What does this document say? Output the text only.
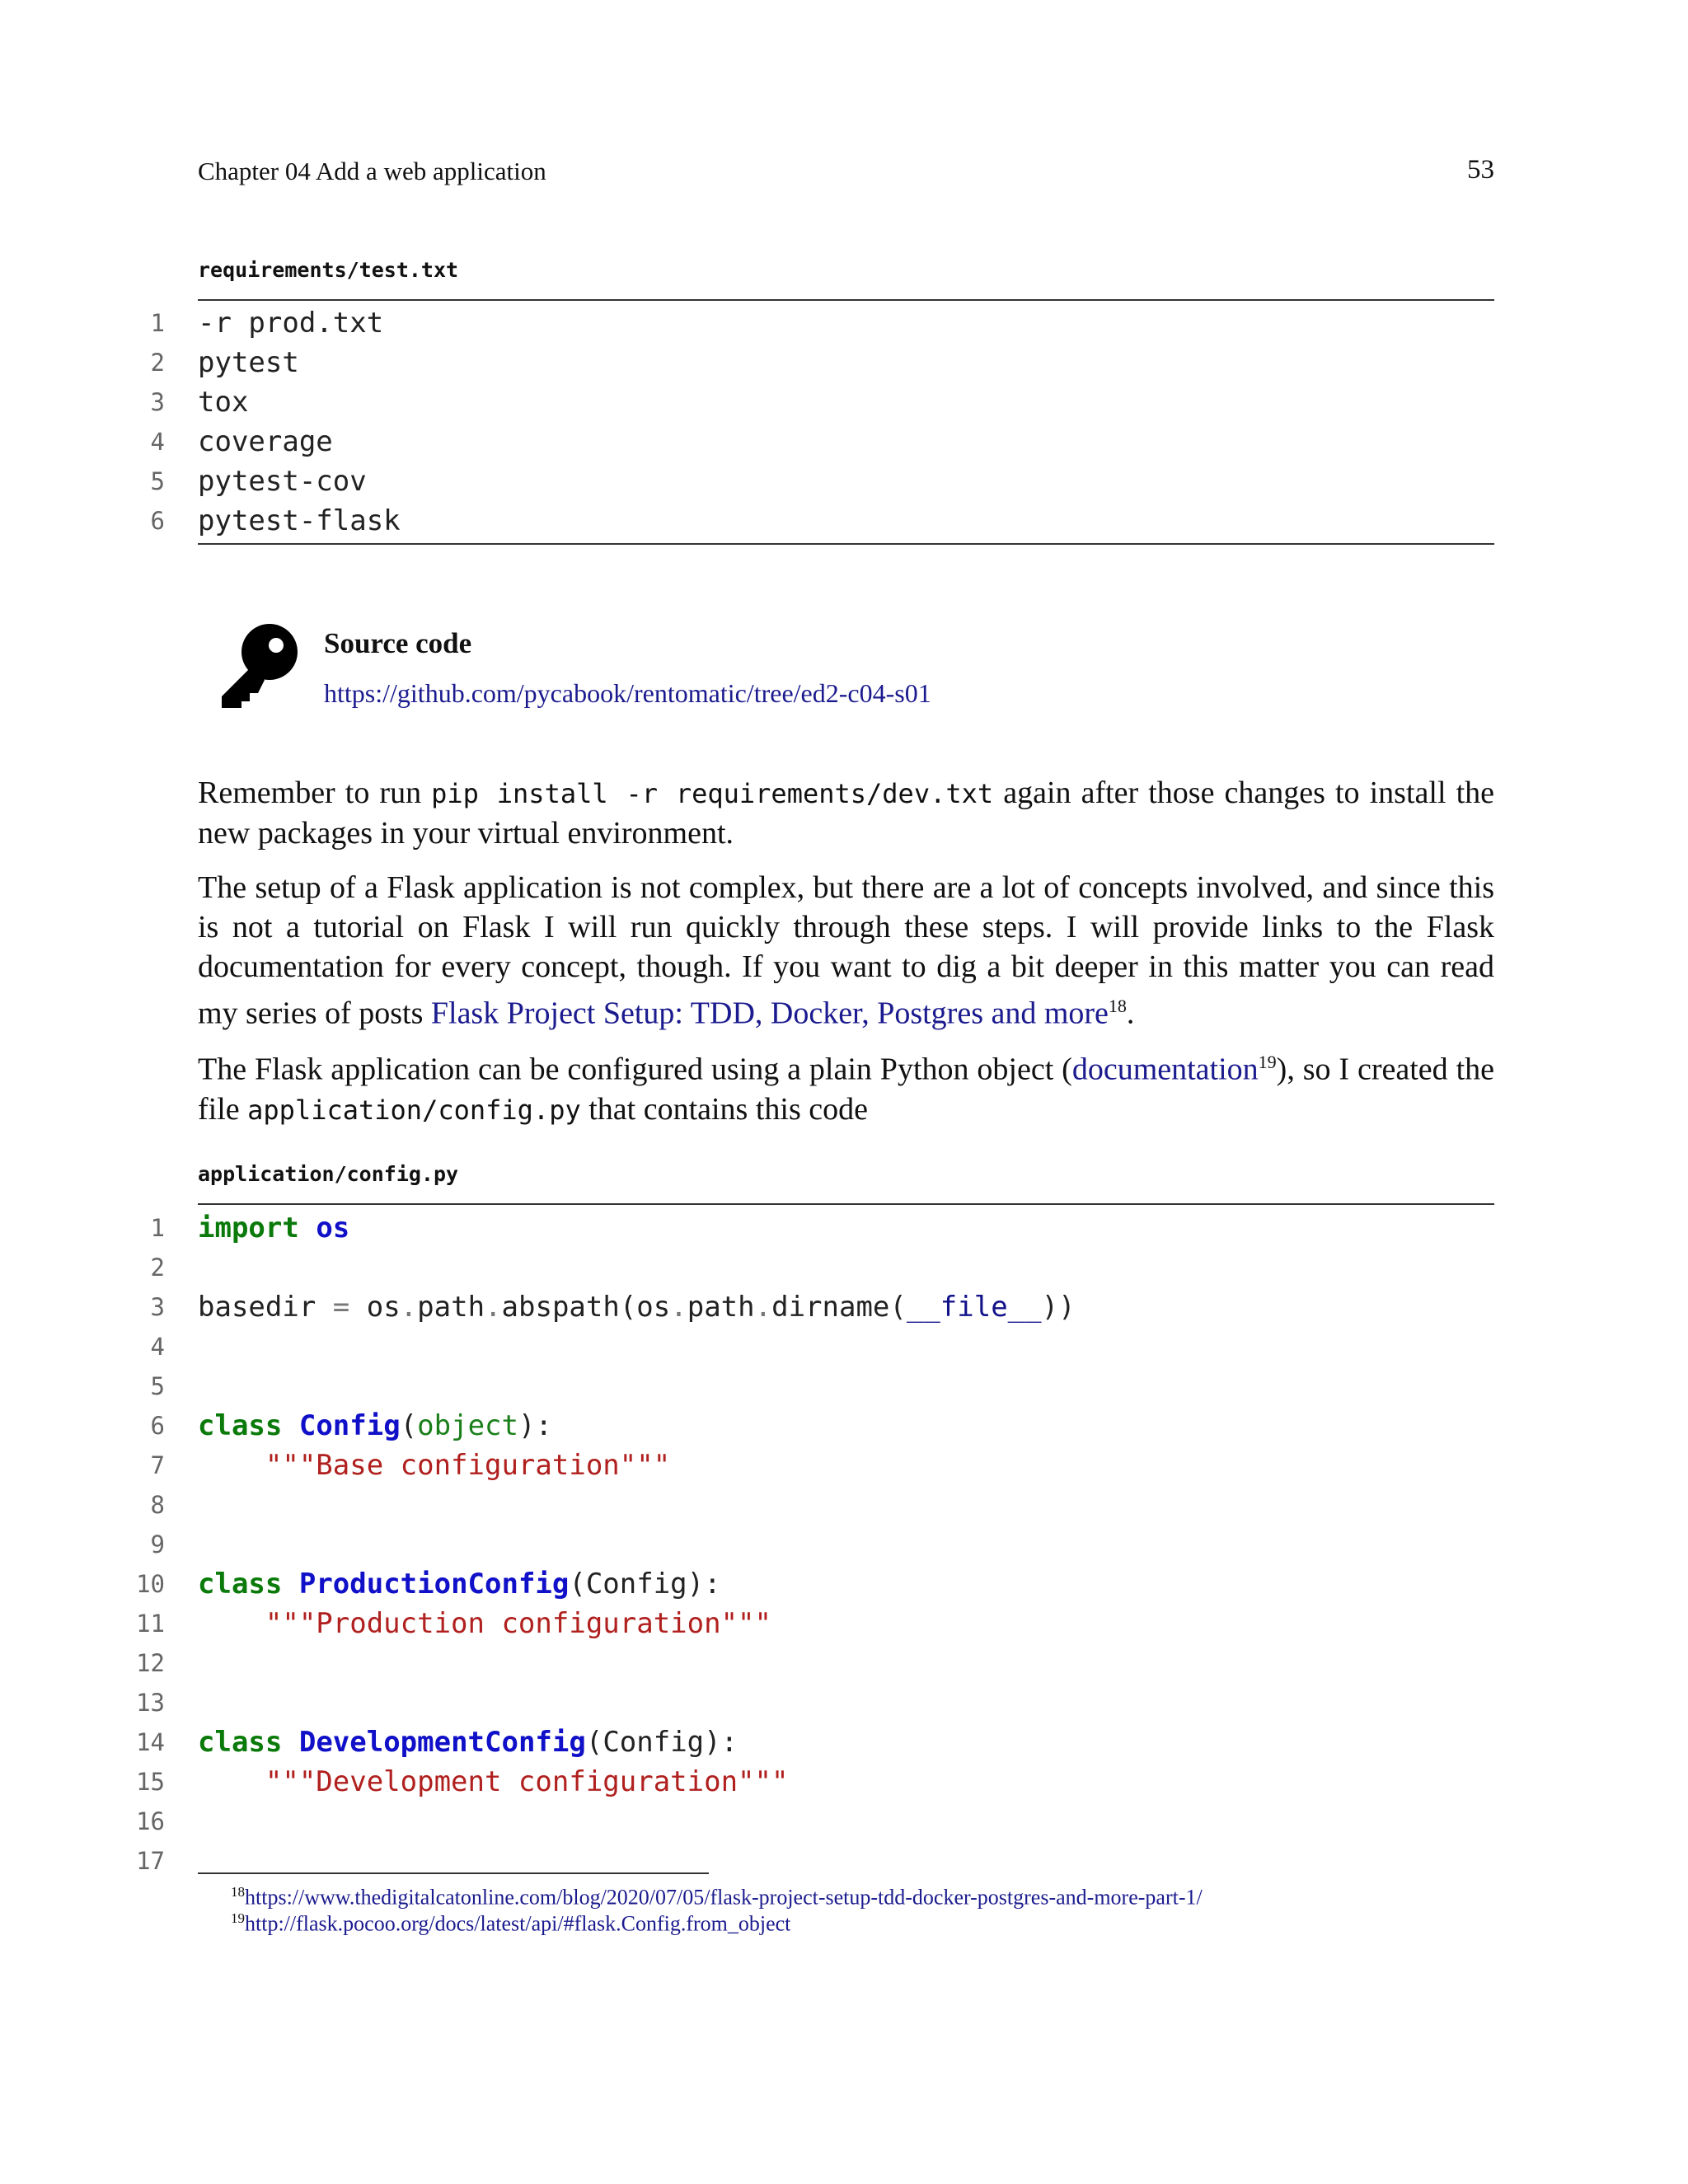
Chapter 04 Add a web application	53
requirements/test.txt
1 -r prod.txt
2 pytest
3 tox
4 coverage
5 pytest-cov
6 pytest-flask
Source code
https://github.com/pycabook/rentomatic/tree/ed2-c04-s01
Remember to run pip install -r requirements/dev.txt again after those changes to install the new packages in your virtual environment.
The setup of a Flask application is not complex, but there are a lot of concepts involved, and since this is not a tutorial on Flask I will run quickly through these steps. I will provide links to the Flask documentation for every concept, though. If you want to dig a bit deeper in this matter you can read my series of posts Flask Project Setup: TDD, Docker, Postgres and more$^{18}$.
The Flask application can be configured using a plain Python object (documentation$^{19}$), so I created the file application/config.py that contains this code
application/config.py
1 import os
2
3 basedir = os.path.abspath(os.path.dirname(__file__))
4
5
6 class Config(object):
7	"""Base configuration"""
8
9
10 class ProductionConfig(Config):
11	"""Production configuration"""
12
13
14 class DevelopmentConfig(Config):
15	"""Development configuration"""
16
17
$^{18}$https://www.thedigitalcatonline.com/blog/2020/07/05/flask-project-setup-tdd-docker-postgres-and-more-part-1/
$^{19}$http://flask.pocoo.org/docs/latest/api/#flask.Config.from_object
